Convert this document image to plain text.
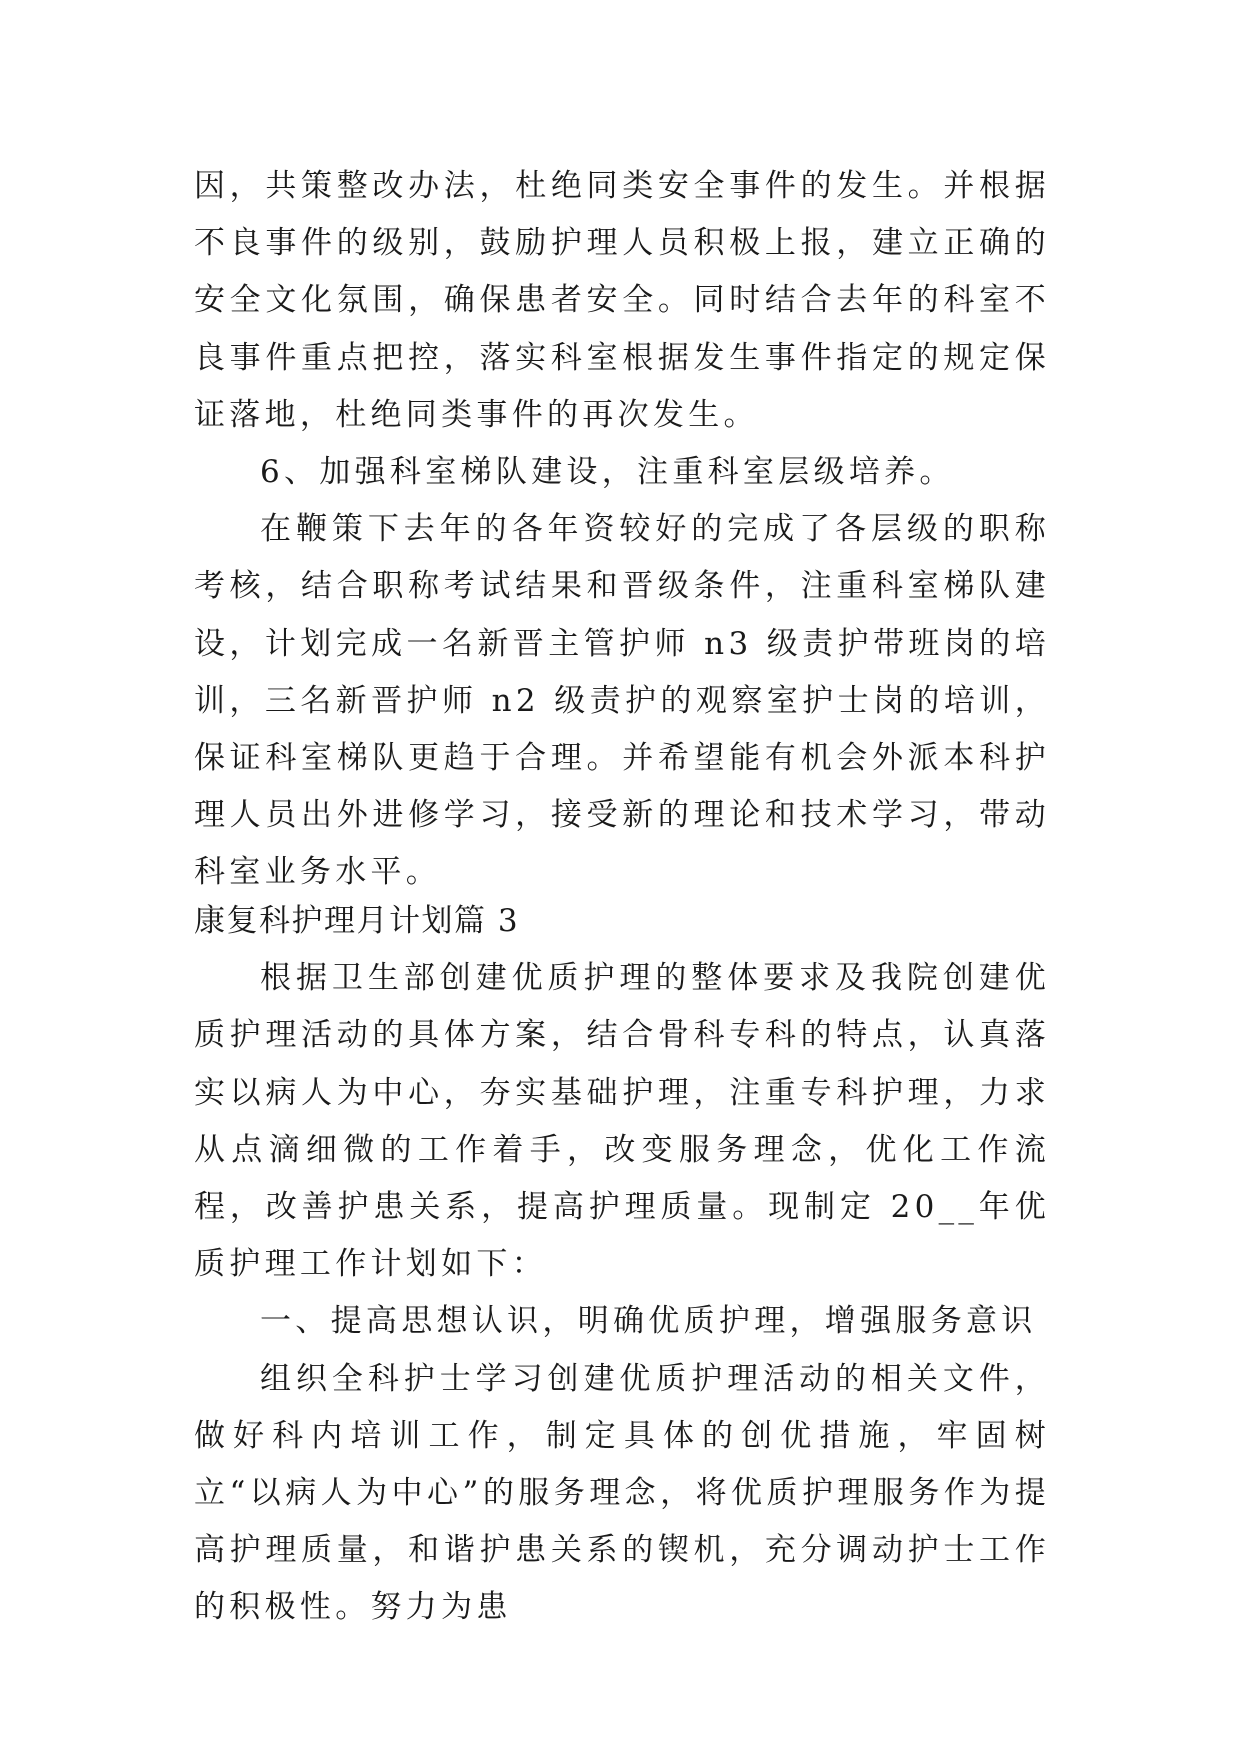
因，共策整改办法，杜绝同类安全事件的发生。并根据不良事件的级别，鼓励护理人员积极上报，建立正确的安全文化氛围，确保患者安全。同时结合去年的科室不良事件重点把控，落实科室根据发生事件指定的规定保证落地，杜绝同类事件的再次发生。

6、加强科室梯队建设，注重科室层级培养。

在鞭策下去年的各年资较好的完成了各层级的职称考核，结合职称考试结果和晋级条件，注重科室梯队建设，计划完成一名新晋主管护师 n3 级责护带班岗的培训，三名新晋护师 n2 级责护的观察室护士岗的培训，保证科室梯队更趋于合理。并希望能有机会外派本科护理人员出外进修学习，接受新的理论和技术学习，带动科室业务水平。

康复科护理月计划篇 3

根据卫生部创建优质护理的整体要求及我院创建优质护理活动的具体方案，结合骨科专科的特点，认真落实以病人为中心，夯实基础护理，注重专科护理，力求从点滴细微的工作着手，改变服务理念，优化工作流程，改善护患关系，提高护理质量。现制定 20__年优质护理工作计划如下：

一、提高思想认识，明确优质护理，增强服务意识

组织全科护士学习创建优质护理活动的相关文件，做好科内培训工作，制定具体的创优措施，牢固树立“以病人为中心”的服务理念，将优质护理服务作为提高护理质量，和谐护患关系的锲机，充分调动护士工作的积极性。努力为患
